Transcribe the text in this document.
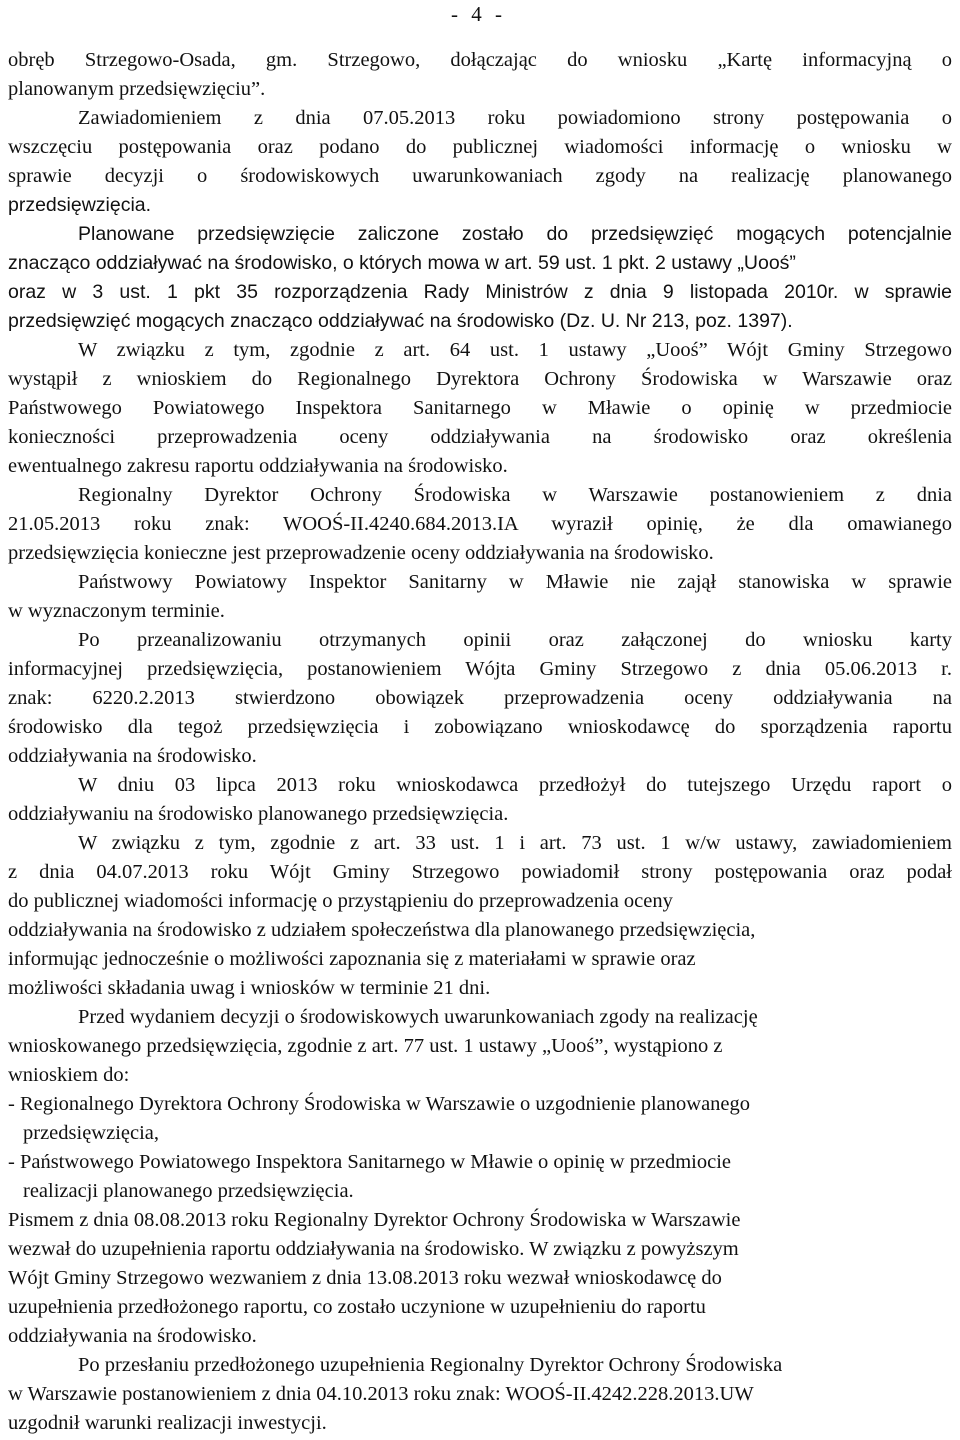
- 4 -
obręb Strzegowo-Osada, gm. Strzegowo, dołączając do wniosku „Kartę informacyjną o
planowanym przedsięwzięciu”.
Zawiadomieniem z dnia 07.05.2013 roku powiadomiono strony postępowania o
wszczęciu postępowania oraz podano do publicznej wiadomości informację o wniosku w
sprawie decyzji o środowiskowych uwarunkowaniach zgody na realizację planowanego
przedsięwzięcia.
Planowane przedsięwzięcie zaliczone zostało do przedsięwzięć mogących potencjalnie
znacząco oddziaływać na środowisko, o których mowa w art. 59 ust. 1 pkt. 2 ustawy „Uooś”
oraz w 3 ust. 1 pkt 35 rozporządzenia Rady Ministrów z dnia 9 listopada 2010r. w sprawie
przedsięwzięć mogących znacząco oddziaływać na środowisko (Dz. U. Nr 213, poz. 1397).
W związku z tym, zgodnie z art. 64 ust. 1 ustawy „Uooś” Wójt Gminy Strzegowo
wystąpił z wnioskiem do Regionalnego Dyrektora Ochrony Środowiska w Warszawie oraz
Państwowego Powiatowego Inspektora Sanitarnego w Mławie o opinię w przedmiocie
konieczności przeprowadzenia oceny oddziaływania na środowisko oraz określenia
ewentualnego zakresu raportu oddziaływania na środowisko.
Regionalny Dyrektor Ochrony Środowiska w Warszawie postanowieniem z dnia
21.05.2013 roku znak: WOOŚ-II.4240.684.2013.IA wyraził opinię, że dla omawianego
przedsięwzięcia konieczne jest przeprowadzenie oceny oddziaływania na środowisko.
Państwowy Powiatowy Inspektor Sanitarny w Mławie nie zajął stanowiska w sprawie
w wyznaczonym terminie.
Po przeanalizowaniu otrzymanych opinii oraz załączonej do wniosku karty
informacyjnej przedsięwzięcia, postanowieniem Wójta Gminy Strzegowo z dnia 05.06.2013 r.
znak: 6220.2.2013 stwierdzono obowiązek przeprowadzenia oceny oddziaływania na
środowisko dla tegoż przedsięwzięcia i zobowiązano wnioskodawcę do sporządzenia raportu
oddziaływania na środowisko.
W dniu 03 lipca 2013 roku wnioskodawca przedłożył do tutejszego Urzędu raport o
oddziaływaniu na środowisko planowanego przedsięwzięcia.
W związku z tym, zgodnie z art. 33 ust. 1 i art. 73 ust. 1 w/w ustawy, zawiadomieniem
z dnia 04.07.2013 roku Wójt Gminy Strzegowo powiadomił strony postępowania oraz podał
do publicznej wiadomości informację o przystąpieniu do przeprowadzenia oceny
oddziaływania na środowisko z udziałem społeczeństwa dla planowanego przedsięwzięcia,
informując jednocześnie o możliwości zapoznania się z materiałami w sprawie oraz
możliwości składania uwag i wniosków w terminie 21 dni.
Przed wydaniem decyzji o środowiskowych uwarunkowaniach zgody na realizację
wnioskowanego przedsięwzięcia, zgodnie z art. 77 ust. 1 ustawy „Uooś”, wystąpiono z
wnioskiem do:
- Regionalnego Dyrektora Ochrony Środowiska w Warszawie o uzgodnienie planowanego
przedsięwzięcia,
- Państwowego Powiatowego Inspektora Sanitarnego w Mławie o opinię w przedmiocie
realizacji planowanego przedsięwzięcia.
Pismem z dnia 08.08.2013 roku Regionalny Dyrektor Ochrony Środowiska w Warszawie
wezwał do uzupełnienia raportu oddziaływania na środowisko. W związku z powyższym
Wójt Gminy Strzegowo wezwaniem z dnia 13.08.2013 roku wezwał wnioskodawcę do
uzupełnienia przedłożonego raportu, co zostało uczynione w uzupełnieniu do raportu
oddziaływania na środowisko.
Po przesłaniu przedłożonego uzupełnienia Regionalny Dyrektor Ochrony Środowiska
w Warszawie postanowieniem z dnia 04.10.2013 roku znak: WOOŚ-II.4242.228.2013.UW
uzgodnił warunki realizacji inwestycji.
